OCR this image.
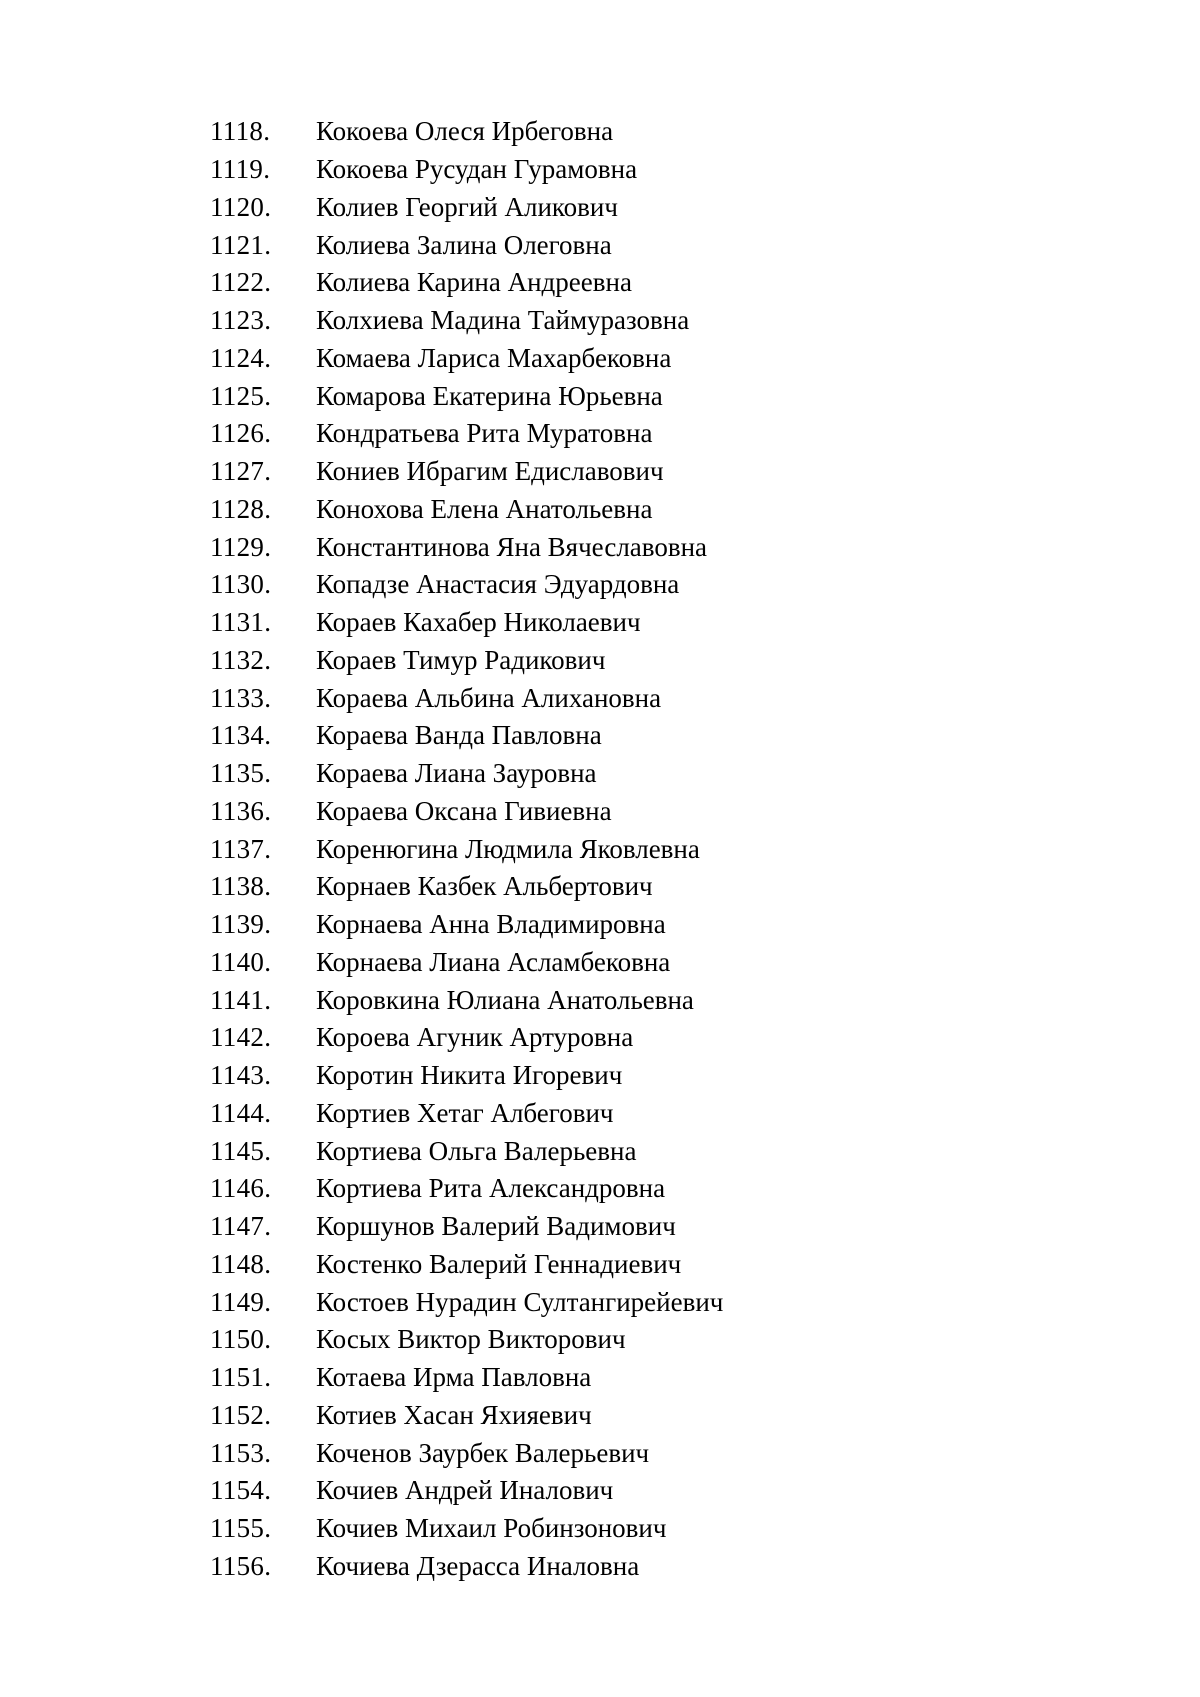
1118.	Кокоева Олеся Ирбеговна
1119.	Кокоева Русудан Гурамовна
1120.	Колиев Георгий Аликович
1121.	Колиева Залина Олеговна
1122.	Колиева Карина Андреевна
1123.	Колхиева Мадина Таймуразовна
1124.	Комаева Лариса Махарбековна
1125.	Комарова Екатерина Юрьевна
1126.	Кондратьева Рита Муратовна
1127.	Кониев Ибрагим Едиславович
1128.	Конохова Елена Анатольевна
1129.	Константинова Яна Вячеславовна
1130.	Копадзе Анастасия Эдуардовна
1131.	Кораев Кахабер Николаевич
1132.	Кораев Тимур Радикович
1133.	Кораева Альбина Алихановна
1134.	Кораева Ванда Павловна
1135.	Кораева Лиана Зауровна
1136.	Кораева Оксана Гивиевна
1137.	Коренюгина Людмила Яковлевна
1138.	Корнаев Казбек Альбертович
1139.	Корнаева Анна Владимировна
1140.	Корнаева Лиана Асламбековна
1141.	Коровкина Юлиана Анатольевна
1142.	Короева Агуник Артуровна
1143.	Коротин Никита Игоревич
1144.	Кортиев Хетаг Албегович
1145.	Кортиева Ольга Валерьевна
1146.	Кортиева Рита Александровна
1147.	Коршунов Валерий Вадимович
1148.	Костенко Валерий Геннадиевич
1149.	Костоев Нурадин Султангирейевич
1150.	Косых Виктор Викторович
1151.	Котаева Ирма Павловна
1152.	Котиев Хасан Яхияевич
1153.	Коченов Заурбек Валерьевич
1154.	Кочиев Андрей Иналович
1155.	Кочиев Михаил Робинзонович
1156.	Кочиева Дзерасса Иналовна
